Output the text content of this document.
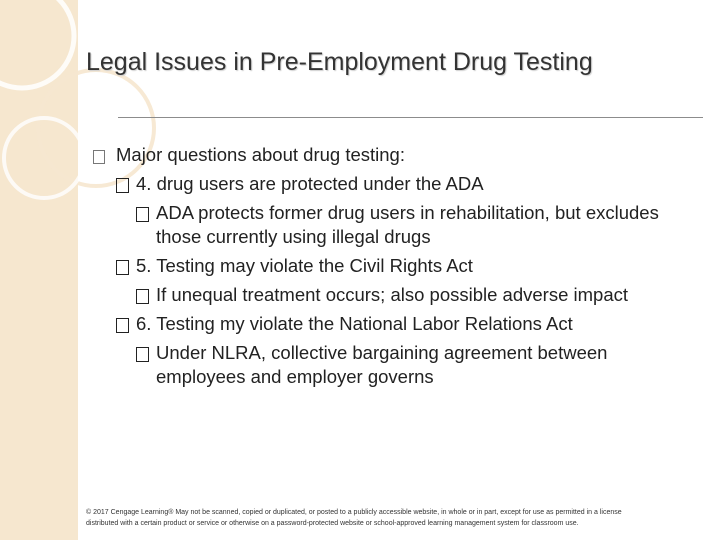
Legal Issues in Pre-Employment Drug Testing
Major questions about drug testing:
4. drug users are protected under the ADA
ADA protects former drug users in rehabilitation, but excludes
those currently using illegal drugs
5. Testing may violate the Civil Rights Act
If unequal treatment occurs; also possible adverse impact
6. Testing my violate the National Labor Relations Act
Under NLRA, collective bargaining agreement between
employees and employer governs
© 2017 Cengage Learning® May not be scanned, copied or duplicated, or posted to a publicly accessible website, in whole or in part, except for use as permitted in a license
distributed with a certain product or service or otherwise on a password-protected website or school-approved learning management system for classroom use.
